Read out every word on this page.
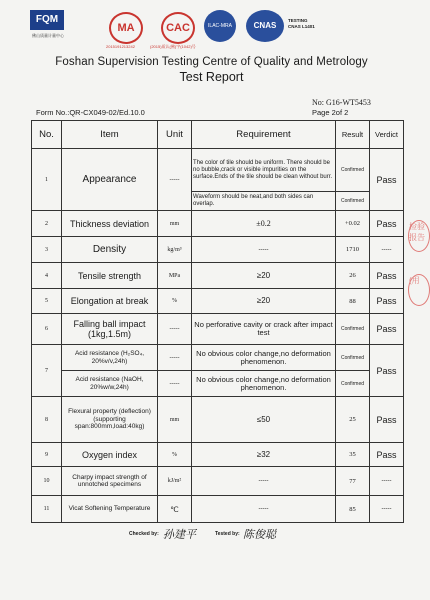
FQM
佛山质量计量中心
MA
2015191213242
CAC
(2015)质认(佛)字(1042)号
ILAC-MRA	CNAS
TESTING
CNAS L1401
Foshan Supervision Testing Centre of Quality and Metrology
Test Report
No: G16-WT5453
Form No.:QR-CX049-02/Ed.10.0	Page 2of 2
No.	Item	Unit	Requirement	Result	Verdict
1	Appearance	-----	The color of tile should be uniform. There should be no bubble,crack or visible impurities on the surface.Ends of the tile should be clean without burr.	Confirmed	Pass
			Waveform should be neat,and both sides can overlap.	Confirmed	
2	Thickness deviation	mm	±0.2	+0.02	Pass
3	Density	kg/m³	-----	1710	-----
4	Tensile strength	MPa	≥20	26	Pass
5	Elongation at break	%	≥20	88	Pass
6	Falling ball impact (1kg,1.5m)	-----	No perforative cavity or crack after impact test	Confirmed	Pass
7	Acid resistance (H₂SO₄, 20%v/v,24h)	-----	No obvious color change,no deformation phenomenon.	Confirmed	Pass
	Acid resistance (NaOH, 20%w/w,24h)	-----	No obvious color change,no deformation phenomenon.	Confirmed	
8	Flexural property (deflection) (supporting span:800mm,load:40kg)	mm	≤50	25	Pass
9	Oxygen index	%	≥32	35	Pass
10	Charpy impact strength of unnotched specimens	kJ/m²	-----	77	-----
11	Vicat Softening Temperature	℃	-----	85	-----
Checked by: 孙建平	Tested by: 陈俊聪
检验报告
(用
